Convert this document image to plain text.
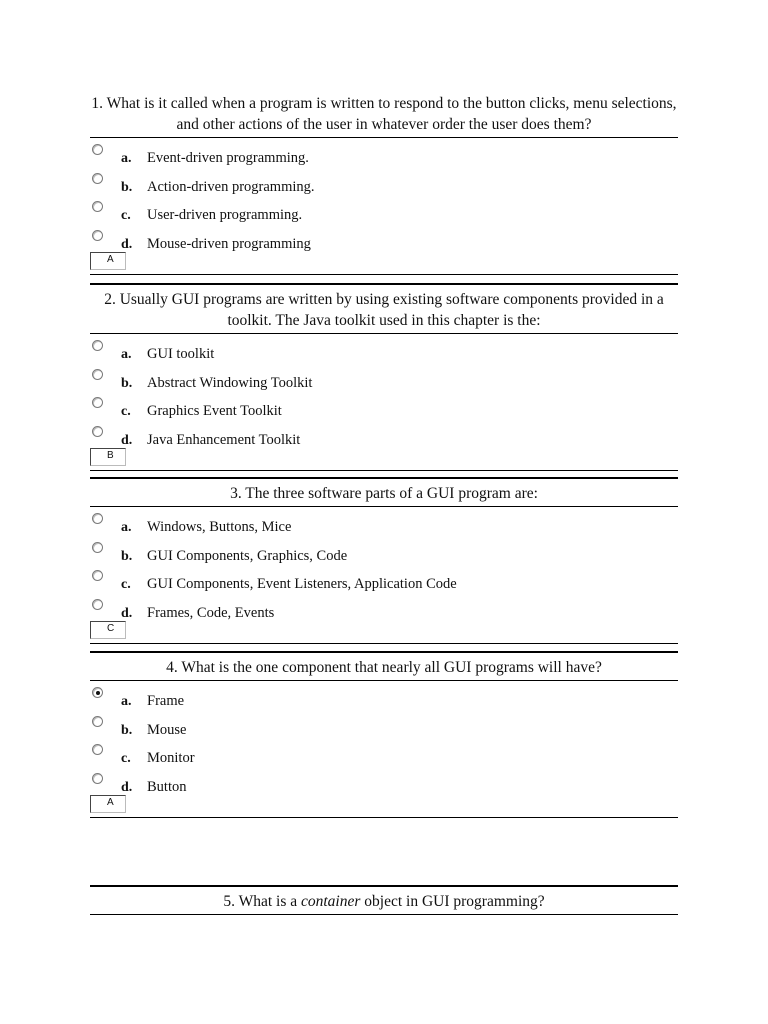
1. What is it called when a program is written to respond to the button clicks, menu selections, and other actions of the user in whatever order the user does them?

a. Event-driven programming.
b. Action-driven programming.
c. User-driven programming.
d. Mouse-driven programming
A

2. Usually GUI programs are written by using existing software components provided in a toolkit. The Java toolkit used in this chapter is the:

a. GUI toolkit
b. Abstract Windowing Toolkit
c. Graphics Event Toolkit
d. Java Enhancement Toolkit
B

3. The three software parts of a GUI program are:

a. Windows, Buttons, Mice
b. GUI Components, Graphics, Code
c. GUI Components, Event Listeners, Application Code
d. Frames, Code, Events
C

4. What is the one component that nearly all GUI programs will have?

a. Frame
b. Mouse
c. Monitor
d. Button
A

5. What is a container object in GUI programming?
